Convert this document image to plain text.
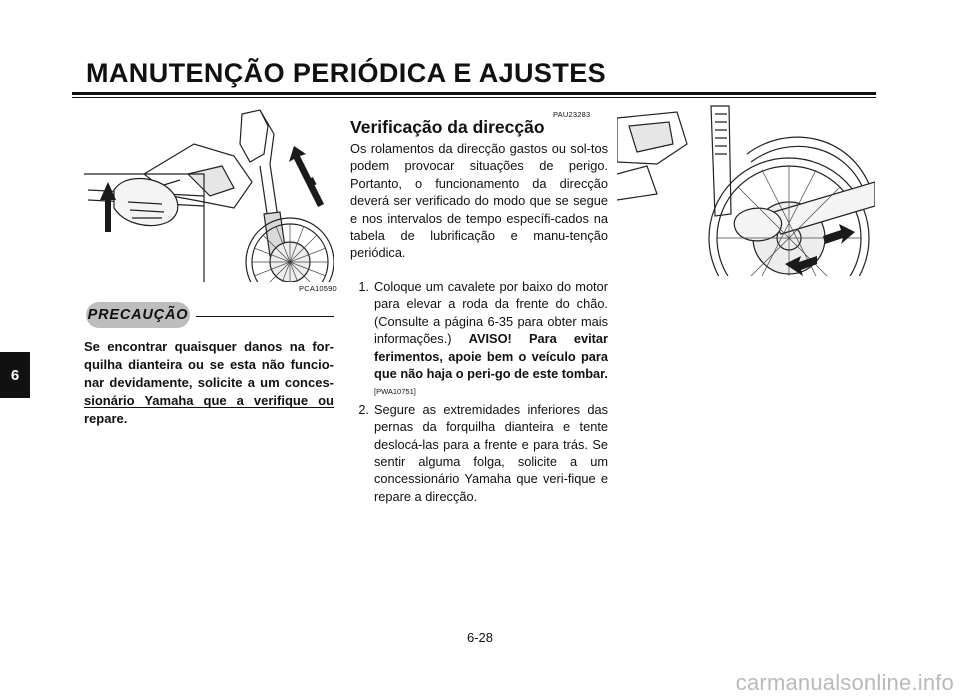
MANUTENÇÃO PERIÓDICA E AJUSTES
6
PCA10590
PRECAUÇÃO
Se encontrar quaisquer danos na for-quilha dianteira ou se esta não funcio-nar devidamente, solicite a um conces-sionário Yamaha que a verifique ou repare.
PAU23283
Verificação da direcção
Os rolamentos da direcção gastos ou sol-tos podem provocar situações de perigo. Portanto, o funcionamento da direcção deverá ser verificado do modo que se segue e nos intervalos de tempo específi-cados na tabela de lubrificação e manu-tenção periódica.
1. Coloque um cavalete por baixo do motor para elevar a roda da frente do chão. (Consulte a página 6-35 para obter mais informações.) AVISO! Para evitar ferimentos, apoie bem o veículo para que não haja o peri-go de este tombar. [PWA10751]
2. Segure as extremidades inferiores das pernas da forquilha dianteira e tente deslocá-las para a frente e para trás. Se sentir alguma folga, solicite a um concessionário Yamaha que veri-fique e repare a direcção.
6-28
carmanualsonline.info
